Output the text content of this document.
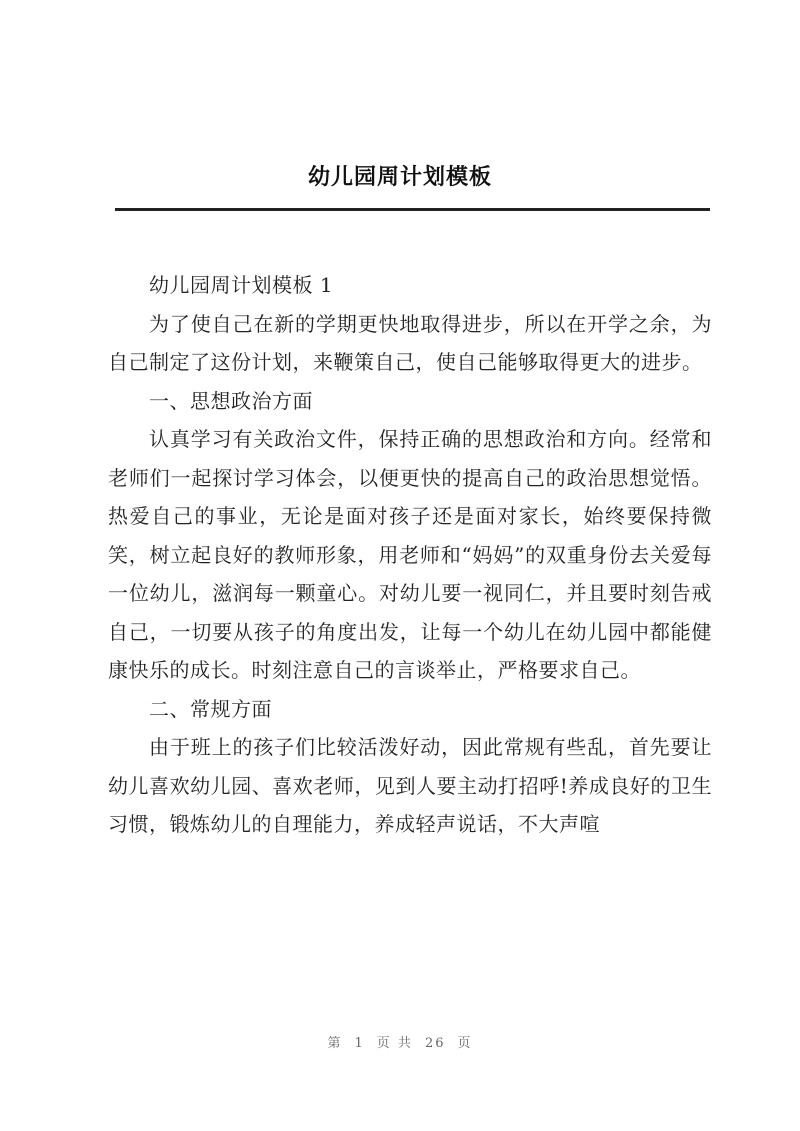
幼儿园周计划模板

幼儿园周计划模板 1

为了使自己在新的学期更快地取得进步，所以在开学之余，为自己制定了这份计划，来鞭策自己，使自己能够取得更大的进步。

一、思想政治方面

认真学习有关政治文件，保持正确的思想政治和方向。经常和老师们一起探讨学习体会，以便更快的提高自己的政治思想觉悟。热爱自己的事业，无论是面对孩子还是面对家长，始终要保持微笑，树立起良好的教师形象，用老师和“妈妈”的双重身份去关爱每一位幼儿，滋润每一颗童心。对幼儿要一视同仁，并且要时刻告戒自己，一切要从孩子的角度出发，让每一个幼儿在幼儿园中都能健康快乐的成长。时刻注意自己的言谈举止，严格要求自己。

二、常规方面

由于班上的孩子们比较活泼好动，因此常规有些乱，首先要让幼儿喜欢幼儿园、喜欢老师，见到人要主动打招呼!养成良好的卫生习惯，锻炼幼儿的自理能力，养成轻声说话，不大声喧

第 1 页 共 26 页
